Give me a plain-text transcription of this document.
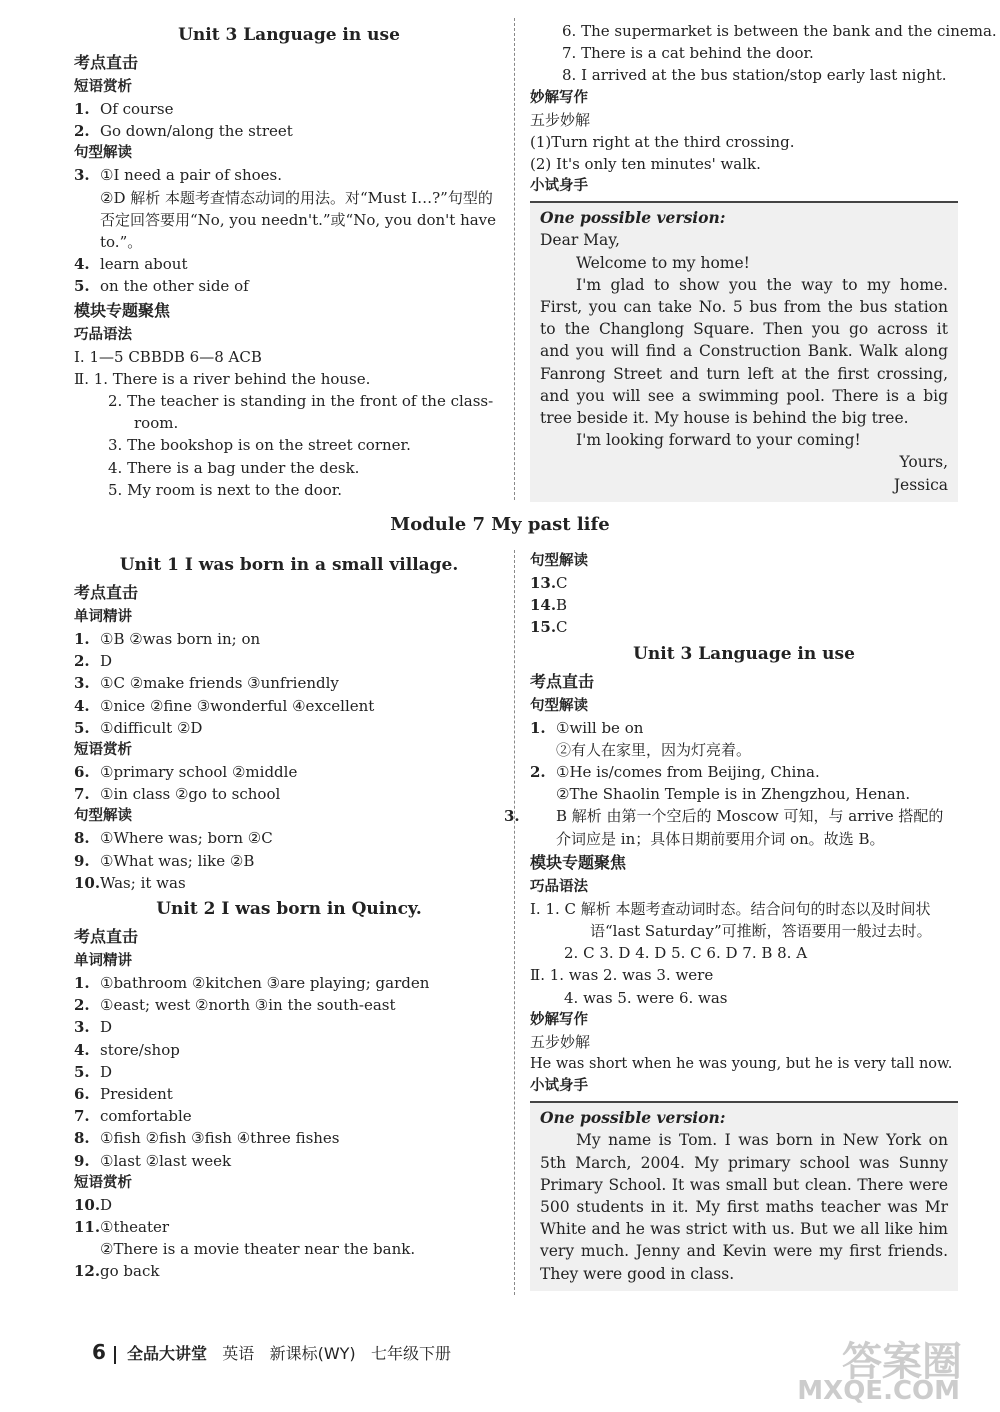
Unit 3 Language in use
考点直击
短语赏析
1. Of course
2. Go down/along the street
句型解读
3. ①I need a pair of shoes.
②D 解析 本题考查情态动词的用法。对“Must I…?”句型的否定回答要用“No, you needn't.”或“No, you don't have to.”。
4. learn about
5. on the other side of
模块专题聚焦
巧品语法
Ⅰ. 1—5 CBBDB 6—8 ACB
Ⅱ. 1. There is a river behind the house.
2. The teacher is standing in the front of the class-
room.
3. The bookshop is on the street corner.
4. There is a bag under the desk.
5. My room is next to the door.
6. The supermarket is between the bank and the cinema.
7. There is a cat behind the door.
8. I arrived at the bus station/stop early last night.
妙解写作
五步妙解
(1)Turn right at the third crossing.
(2) It's only ten minutes' walk.
小试身手
One possible version:
Dear May,
Welcome to my home!
I'm glad to show you the way to my home. First, you can take No. 5 bus from the bus station to the Changlong Square. Then you go across it and you will find a Construction Bank. Walk along Fanrong Street and turn left at the first crossing, and you will see a swimming pool. There is a big tree beside it. My house is behind the big tree.
I'm looking forward to your coming!
Yours,
Jessica
Module 7 My past life
Unit 1 I was born in a small village.
考点直击
单词精讲
1. ①B ②was born in; on
2. D
3. ①C ②make friends ③unfriendly
4. ①nice ②fine ③wonderful ④excellent
5. ①difficult ②D
短语赏析
6. ①primary school ②middle
7. ①in class ②go to school
句型解读
8. ①Where was; born ②C
9. ①What was; like ②B
10.Was; it was
Unit 2 I was born in Quincy.
考点直击
单词精讲
1. ①bathroom ②kitchen ③are playing; garden
2. ①east; west ②north ③in the south-east
3. D
4. store/shop
5. D
6. President
7. comfortable
8. ①fish ②fish ③fish ④three fishes
9. ①last ②last week
短语赏析
10.D
11.①theater
②There is a movie theater near the bank.
12.go back
句型解读
13.C
14.B
15.C
Unit 3 Language in use
考点直击
句型解读
1. ①will be on
②有人在家里，因为灯亮着。
2. ①He is/comes from Beijing, China.
②The Shaolin Temple is in Zhengzhou, Henan.
3. B 解析 由第一个空后的 Moscow 可知，与 arrive 搭配的介词应是 in；具体日期前要用介词 on。故选 B。
模块专题聚焦
巧品语法
Ⅰ. 1. C 解析 本题考查动词时态。结合问句的时态以及时间状语“last Saturday”可推断，答语要用一般过去时。
2. C 3. D 4. D 5. C 6. D 7. B 8. A
Ⅱ. 1. was 2. was 3. were
4. was 5. were 6. was
妙解写作
五步妙解
He was short when he was young, but he is very tall now.
小试身手
One possible version:
My name is Tom. I was born in New York on 5th March, 2004. My primary school was Sunny Primary School. It was small but clean. There were 500 students in it. My first maths teacher was Mr White and he was strict with us. But we all like him very much. Jenny and Kevin were my first friends. They were good in class.
6 全品大讲堂 英语 新课标(WY) 七年级下册	答案圈
MXQE.COM
